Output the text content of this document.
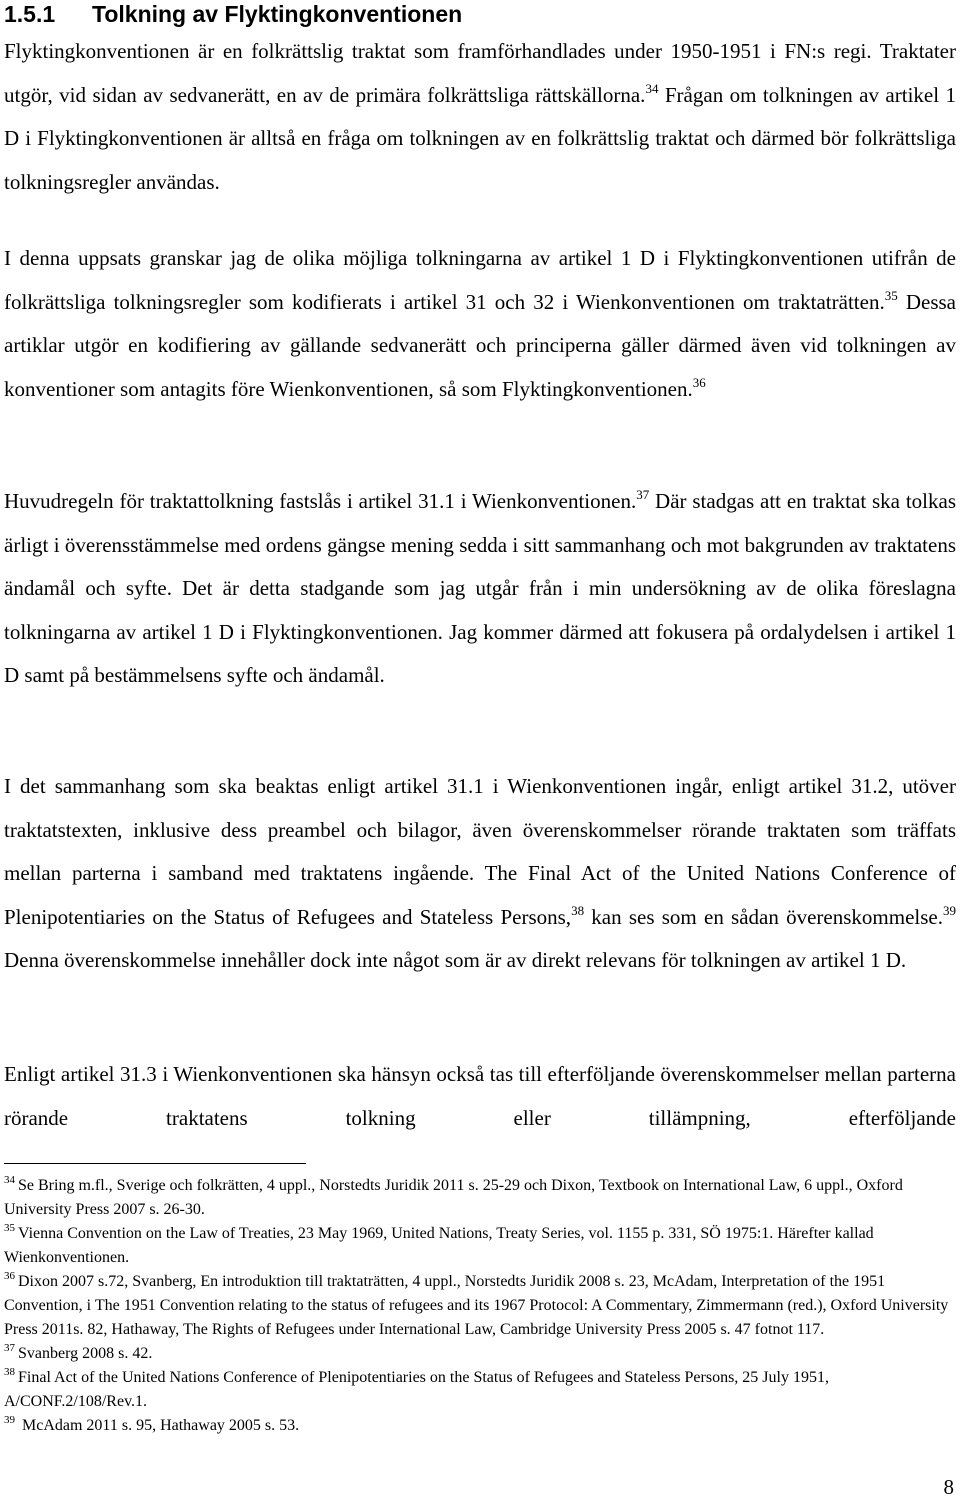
1.5.1 Tolkning av Flyktingkonventionen

Flyktingkonventionen är en folkrättslig traktat som framförhandlades under 1950-1951 i FN:s regi. Traktater utgör, vid sidan av sedvanerätt, en av de primära folkrättsliga rättskällorna.$^{34}$ Frågan om tolkningen av artikel 1 D i Flyktingkonventionen är alltså en fråga om tolkningen av en folkrättslig traktat och därmed bör folkrättsliga tolkningsregler användas.

I denna uppsats granskar jag de olika möjliga tolkningarna av artikel 1 D i Flyktingkonventionen utifrån de folkrättsliga tolkningsregler som kodifierats i artikel 31 och 32 i Wienkonventionen om traktaträtten.$^{35}$ Dessa artiklar utgör en kodifiering av gällande sedvanerätt och principerna gäller därmed även vid tolkningen av konventioner som antagits före Wienkonventionen, så som Flyktingkonventionen.$^{36}$

Huvudregeln för traktattolkning fastslås i artikel 31.1 i Wienkonventionen.$^{37}$ Där stadgas att en traktat ska tolkas ärligt i överensstämmelse med ordens gängse mening sedda i sitt sammanhang och mot bakgrunden av traktatens ändamål och syfte. Det är detta stadgande som jag utgår från i min undersökning av de olika föreslagna tolkningarna av artikel 1 D i Flyktingkonventionen. Jag kommer därmed att fokusera på ordalydelsen i artikel 1 D samt på bestämmelsens syfte och ändamål.

I det sammanhang som ska beaktas enligt artikel 31.1 i Wienkonventionen ingår, enligt artikel 31.2, utöver traktatstexten, inklusive dess preambel och bilagor, även överenskommelser rörande traktaten som träffats mellan parterna i samband med traktatens ingående. The Final Act of the United Nations Conference of Plenipotentiaries on the Status of Refugees and Stateless Persons,$^{38}$ kan ses som en sådan överenskommelse.$^{39}$ Denna överenskommelse innehåller dock inte något som är av direkt relevans för tolkningen av artikel 1 D.

Enligt artikel 31.3 i Wienkonventionen ska hänsyn också tas till efterföljande överenskommelser mellan parterna rörande traktatens tolkning eller tillämpning, efterföljande

$^{34}$ Se Bring m.fl., Sverige och folkrätten, 4 uppl., Norstedts Juridik 2011 s. 25-29 och Dixon, Textbook on International Law, 6 uppl., Oxford University Press 2007 s. 26-30.

$^{35}$ Vienna Convention on the Law of Treaties, 23 May 1969, United Nations, Treaty Series, vol. 1155 p. 331, SÖ 1975:1. Härefter kallad Wienkonventionen.

$^{36}$ Dixon 2007 s.72, Svanberg, En introduktion till traktaträtten, 4 uppl., Norstedts Juridik 2008 s. 23, McAdam, Interpretation of the 1951 Convention, i The 1951 Convention relating to the status of refugees and its 1967 Protocol: A Commentary, Zimmermann (red.), Oxford University Press 2011s. 82, Hathaway, The Rights of Refugees under International Law, Cambridge University Press 2005 s. 47 fotnot 117.

$^{37}$ Svanberg 2008 s. 42.

$^{38}$ Final Act of the United Nations Conference of Plenipotentiaries on the Status of Refugees and Stateless Persons, 25 July 1951, A/CONF.2/108/Rev.1.

$^{39}$ McAdam 2011 s. 95, Hathaway 2005 s. 53.

8
